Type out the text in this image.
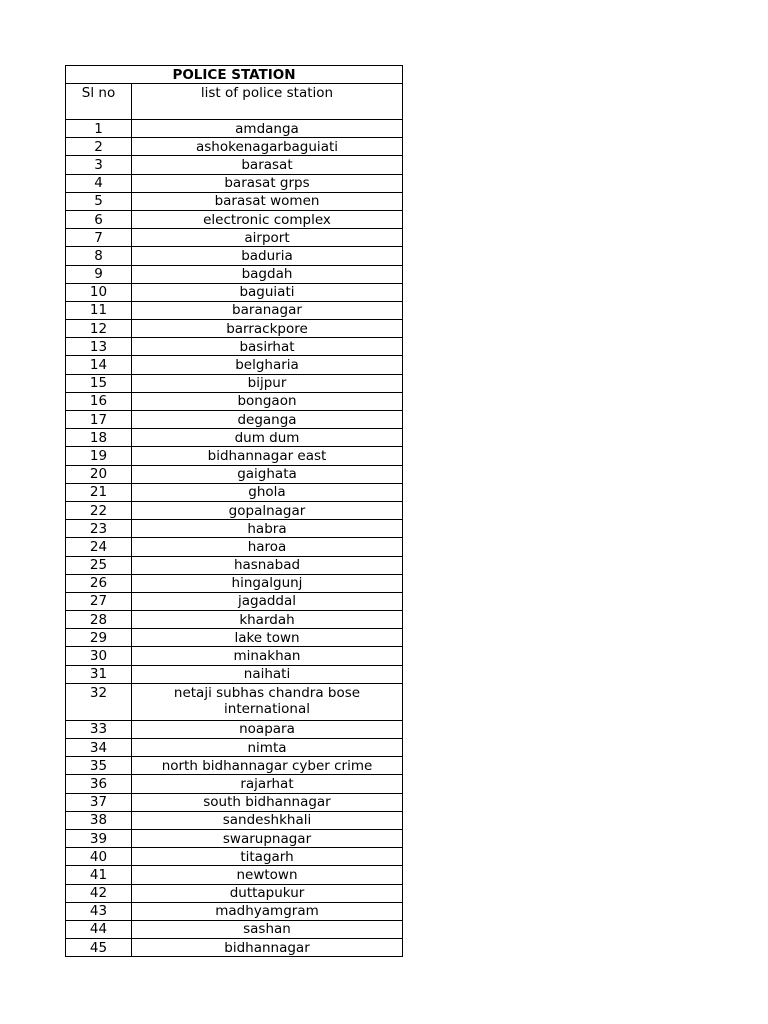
POLICE STATION	
Sl no	list of police station
1	amdanga
2	ashokenagarbaguiati
3	barasat
4	barasat grps
5	barasat women
6	electronic complex
7	airport
8	baduria
9	bagdah
10	baguiati
11	baranagar
12	barrackpore
13	basirhat
14	belgharia
15	bijpur
16	bongaon
17	deganga
18	dum dum
19	bidhannagar east
20	gaighata
21	ghola
22	gopalnagar
23	habra
24	haroa
25	hasnabad
26	hingalgunj
27	jagaddal
28	khardah
29	lake town
30	minakhan
31	naihati
32	netaji subhas chandra bose international
33	noapara
34	nimta
35	north bidhannagar cyber crime
36	rajarhat
37	south bidhannagar
38	sandeshkhali
39	swarupnagar
40	titagarh
41	newtown
42	duttapukur
43	madhyamgram
44	sashan
45	bidhannagar
